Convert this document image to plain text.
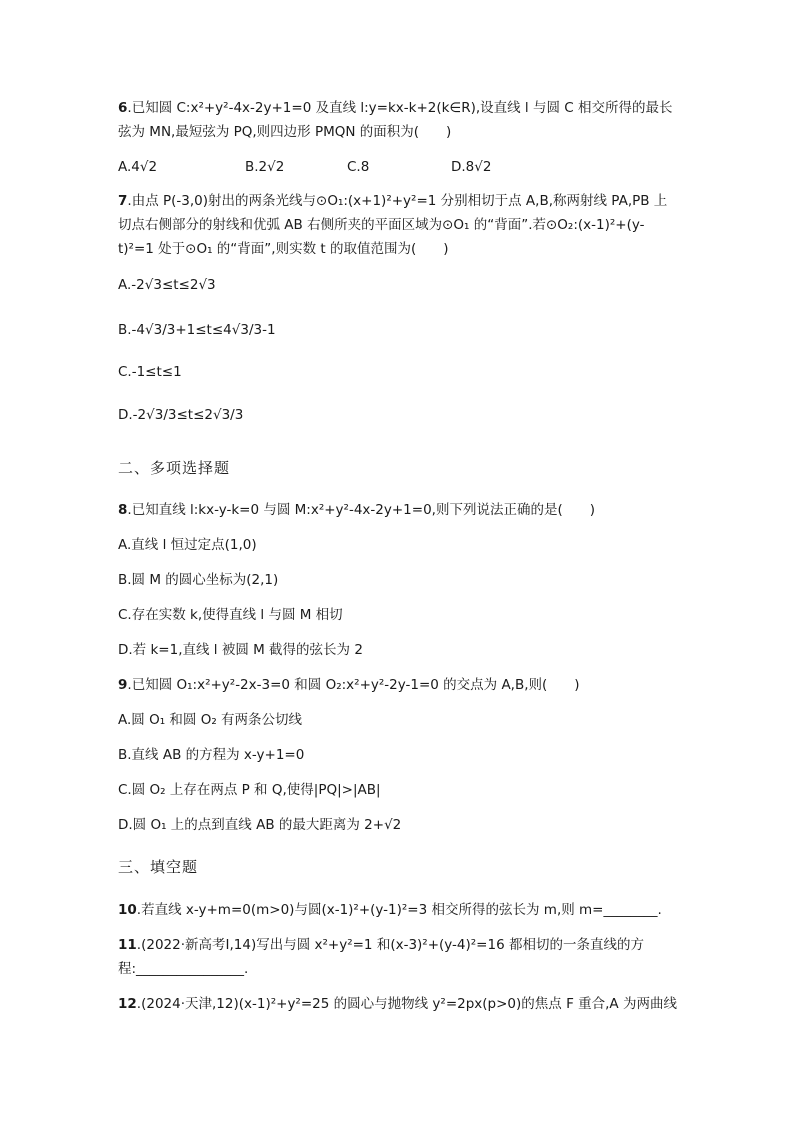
6.已知圆 C:x²+y²-4x-2y+1=0 及直线 l:y=kx-k+2(k∈R),设直线 l 与圆 C 相交所得的最长
弦为 MN,最短弦为 PQ,则四边形 PMQN 的面积为(　　)
A.4√2	B.2√2	C.8	D.8√2
7.由点 P(-3,0)射出的两条光线与⊙O₁:(x+1)²+y²=1 分别相切于点 A,B,称两射线 PA,PB 上
切点右侧部分的射线和优弧 AB 右侧所夹的平面区域为⊙O₁ 的“背面”.若⊙O₂:(x-1)²+(y-
t)²=1 处于⊙O₁ 的“背面”,则实数 t 的取值范围为(　　)
A.-2√3≤t≤2√3
B.-4√3/3+1≤t≤4√3/3-1
C.-1≤t≤1
D.-2√3/3≤t≤2√3/3
二、多项选择题
8.已知直线 l:kx-y-k=0 与圆 M:x²+y²-4x-2y+1=0,则下列说法正确的是(　　)
A.直线 l 恒过定点(1,0)
B.圆 M 的圆心坐标为(2,1)
C.存在实数 k,使得直线 l 与圆 M 相切
D.若 k=1,直线 l 被圆 M 截得的弦长为 2
9.已知圆 O₁:x²+y²-2x-3=0 和圆 O₂:x²+y²-2y-1=0 的交点为 A,B,则(　　)
A.圆 O₁ 和圆 O₂ 有两条公切线
B.直线 AB 的方程为 x-y+1=0
C.圆 O₂ 上存在两点 P 和 Q,使得|PQ|>|AB|
D.圆 O₁ 上的点到直线 AB 的最大距离为 2+√2
三、填空题
10.若直线 x-y+m=0(m>0)与圆(x-1)²+(y-1)²=3 相交所得的弦长为 m,则 m=________.
11.(2022·新高考Ⅰ,14)写出与圆 x²+y²=1 和(x-3)²+(y-4)²=16 都相切的一条直线的方
程:________________.
12.(2024·天津,12)(x-1)²+y²=25 的圆心与抛物线 y²=2px(p>0)的焦点 F 重合,A 为两曲线
